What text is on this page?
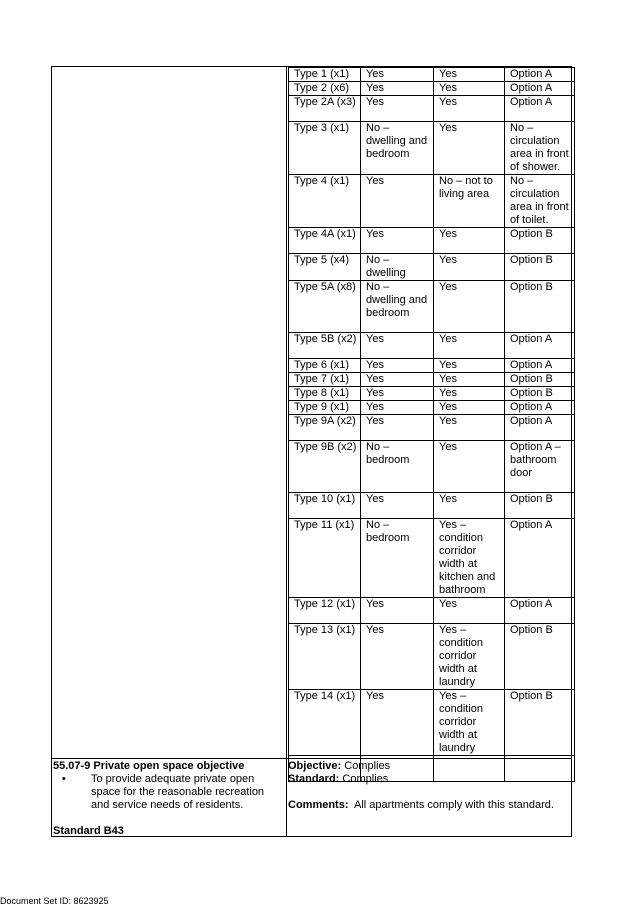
Type 1 (x1)	Yes	Yes	Option A
Type 2 (x6)	Yes	Yes	Option A
Type 2A (x3)	Yes	Yes	Option A
Type 3 (x1)	No – dwelling and bedroom	Yes	No – circulation area in front of shower.
Type 4 (x1)	Yes	No – not to living area	No – circulation area in front of toilet.
Type 4A (x1)	Yes	Yes	Option B
Type 5 (x4)	No – dwelling	Yes	Option B
Type 5A (x8)	No – dwelling and bedroom	Yes	Option B
Type 5B (x2)	Yes	Yes	Option A
Type 6 (x1)	Yes	Yes	Option A
Type 7 (x1)	Yes	Yes	Option B
Type 8 (x1)	Yes	Yes	Option B
Type 9 (x1)	Yes	Yes	Option A
Type 9A (x2)	Yes	Yes	Option A
Type 9B (x2)	No – bedroom	Yes	Option A – bathroom door
Type 10 (x1)	Yes	Yes	Option B
Type 11 (x1)	No – bedroom	Yes – condition corridor width at kitchen and bathroom	Option A
Type 12 (x1)	Yes	Yes	Option A
Type 13 (x1)	Yes	Yes – condition corridor width at laundry	Option B
Type 14 (x1)	Yes	Yes – condition corridor width at laundry	Option B

55.07-9 Private open space objective
•	To provide adequate private open space for the reasonable recreation and service needs of residents.
Standard B43
Objective: Complies
Standard: Complies
Comments: All apartments comply with this standard.
Document Set ID: 8623925
